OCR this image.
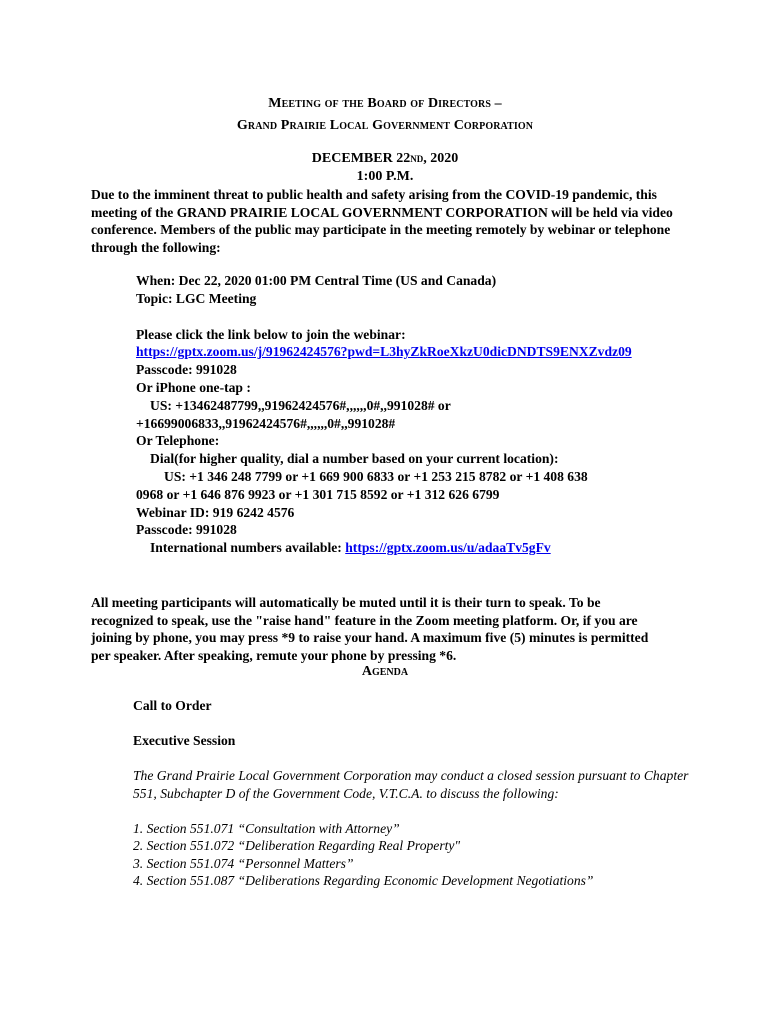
Meeting of the Board of Directors –
Grand Prairie Local Government Corporation
DECEMBER 22ND, 2020
1:00 P.M.
Due to the imminent threat to public health and safety arising from the COVID-19 pandemic, this meeting of the GRAND PRAIRIE LOCAL GOVERNMENT CORPORATION will be held via video conference. Members of the public may participate in the meeting remotely by webinar or telephone through the following:
When: Dec 22, 2020 01:00 PM Central Time (US and Canada)
Topic: LGC Meeting
Please click the link below to join the webinar:
https://gptx.zoom.us/j/91962424576?pwd=L3hyZkRoeXkzU0dicDNDTS9ENXZvdz09
Passcode: 991028
Or iPhone one-tap :
US: +13462487799,,91962424576#,,,,,,0#,,991028# or
+16699006833,,91962424576#,,,,,,0#,,991028#
Or Telephone:
Dial(for higher quality, dial a number based on your current location):
US: +1 346 248 7799 or +1 669 900 6833 or +1 253 215 8782 or +1 408 638
0968 or +1 646 876 9923 or +1 301 715 8592 or +1 312 626 6799
Webinar ID: 919 6242 4576
Passcode: 991028
International numbers available: https://gptx.zoom.us/u/adaaTv5gFv
All meeting participants will automatically be muted until it is their turn to speak. To be recognized to speak, use the "raise hand" feature in the Zoom meeting platform. Or, if you are joining by phone, you may press *9 to raise your hand. A maximum five (5) minutes is permitted per speaker. After speaking, remute your phone by pressing *6.
Agenda
Call to Order
Executive Session
The Grand Prairie Local Government Corporation may conduct a closed session pursuant to Chapter 551, Subchapter D of the Government Code, V.T.C.A. to discuss the following:
1. Section 551.071 “Consultation with Attorney”
2. Section 551.072 “Deliberation Regarding Real Property"
3. Section 551.074 “Personnel Matters”
4. Section 551.087 “Deliberations Regarding Economic Development Negotiations”
